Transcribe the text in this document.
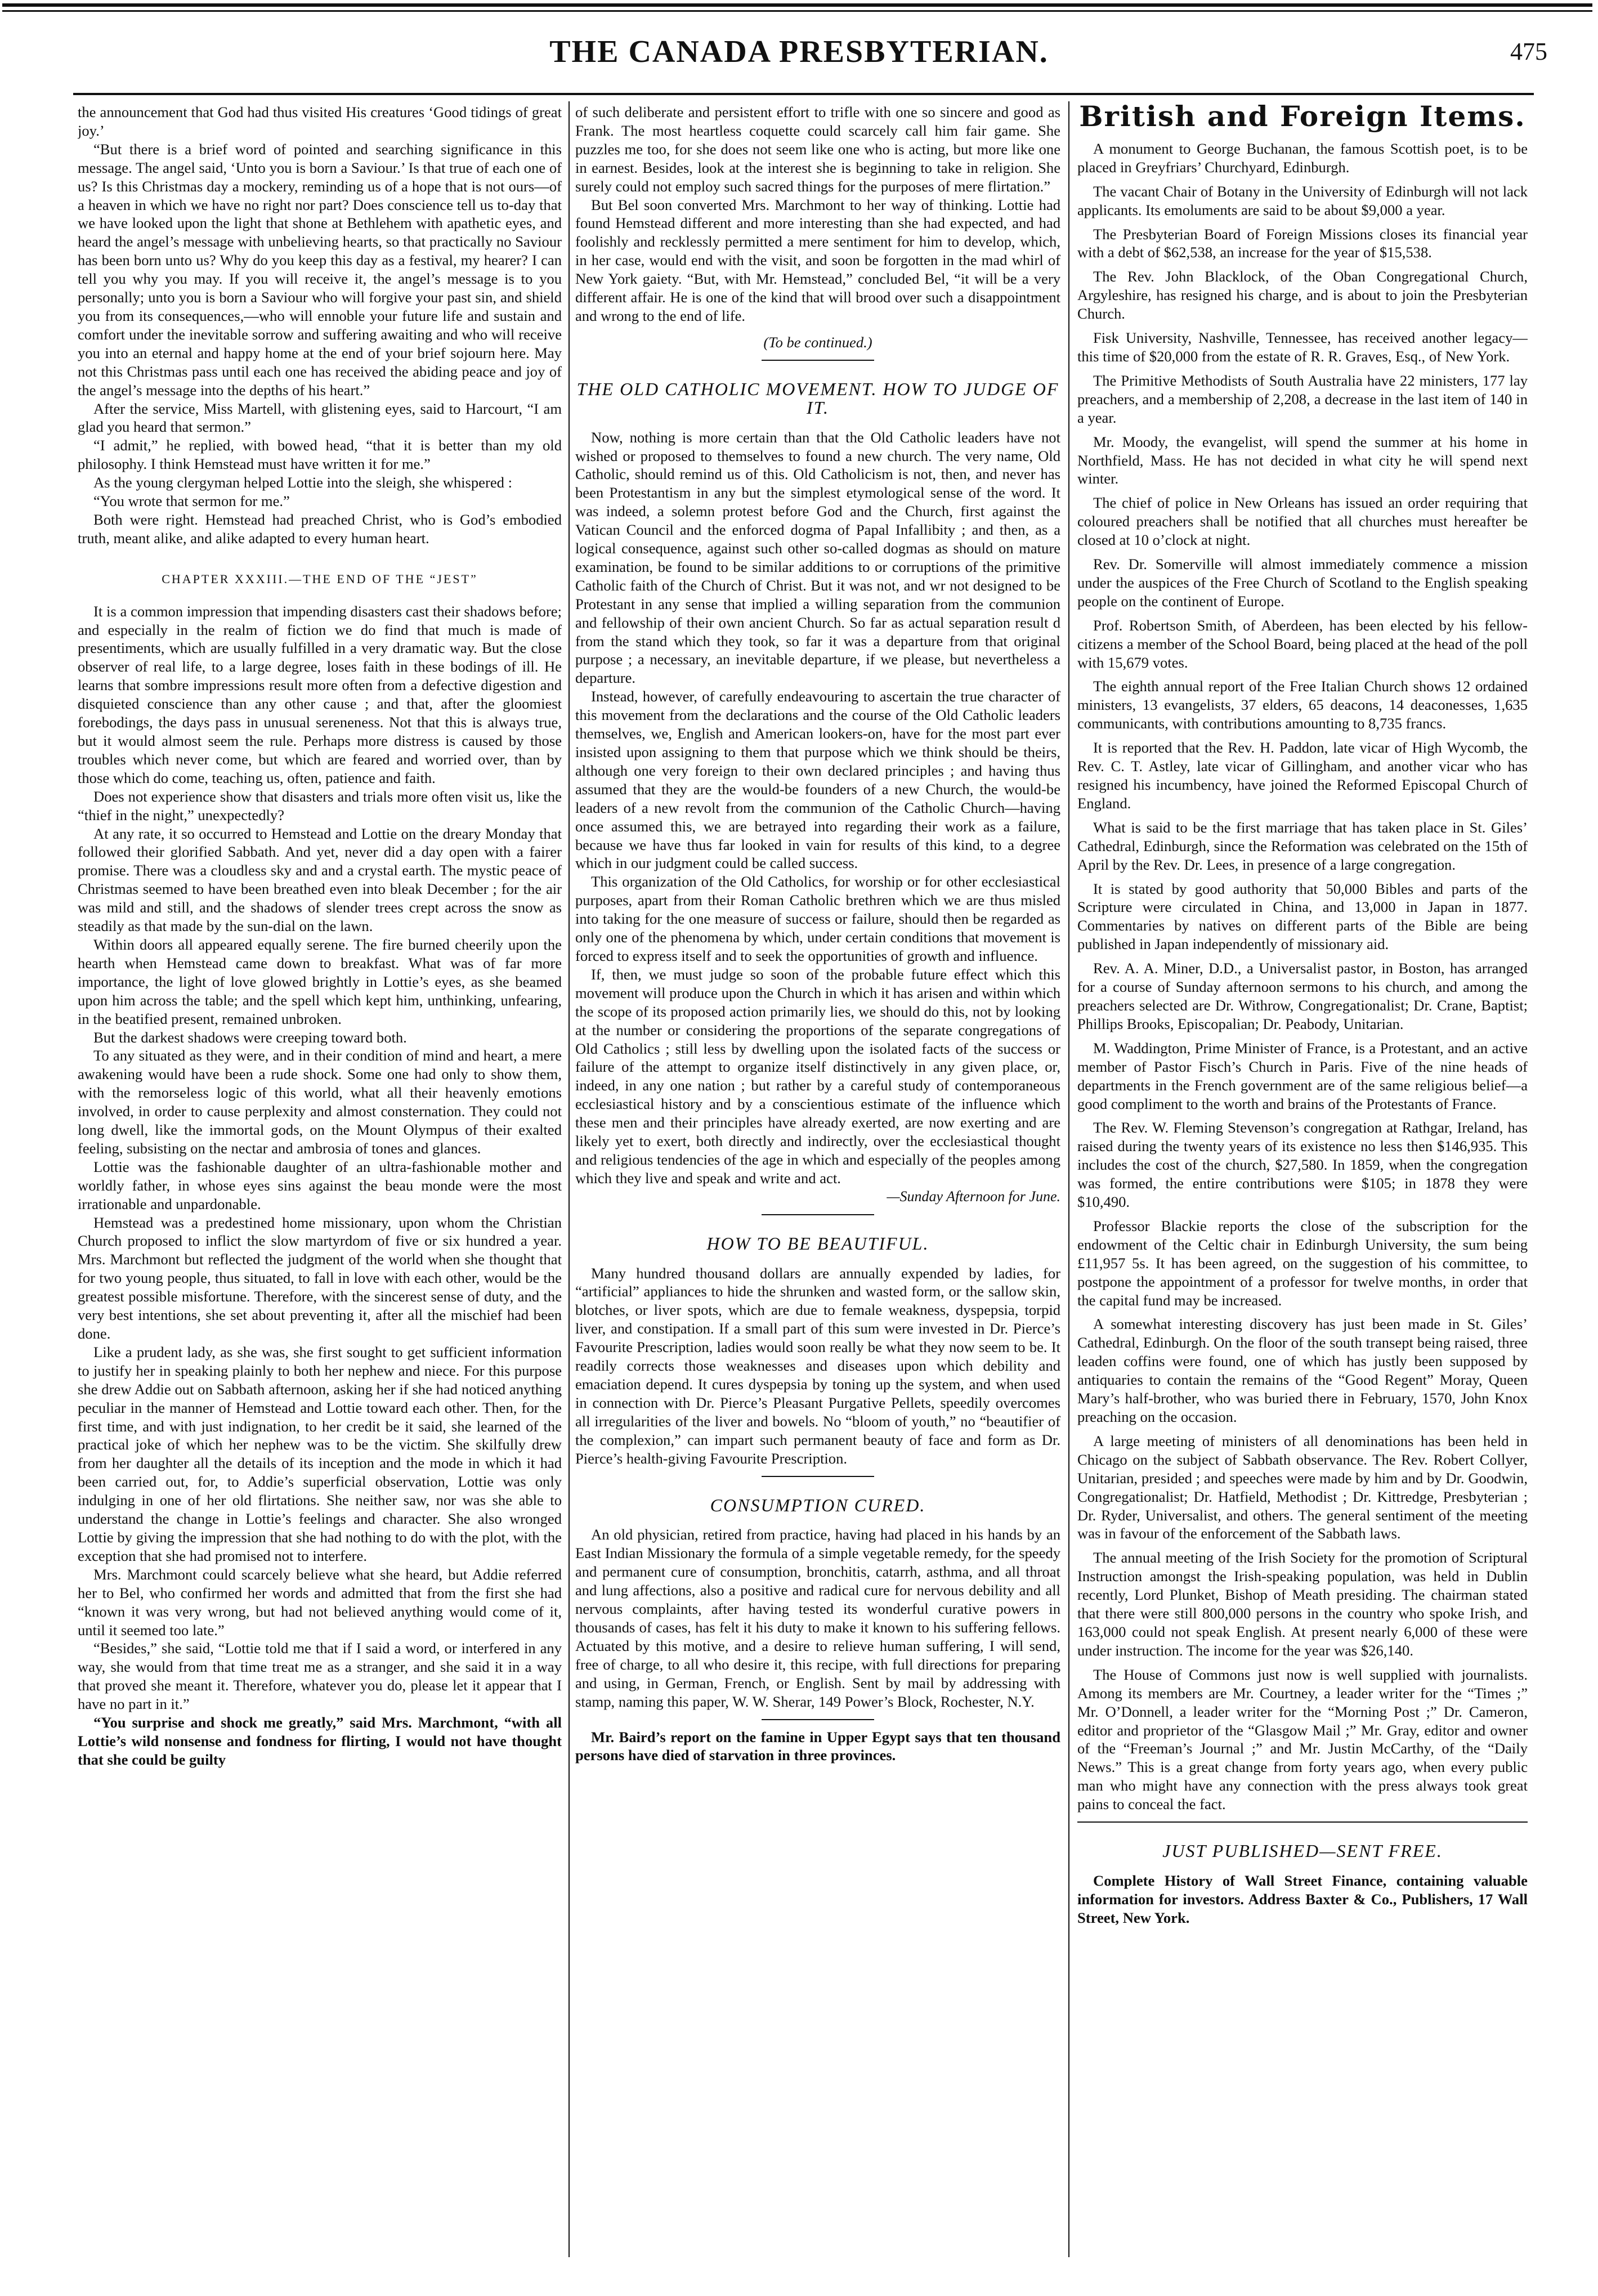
THE CANADA PRESBYTERIAN.	475

the announcement that God had thus visited His creatures ‘Good tidings of great joy.’

“But there is a brief word of pointed and searching significance in this message. The angel said, ‘Unto you is born a Saviour.’ Is that true of each one of us? Is this Christmas day a mockery, reminding us of a hope that is not ours—of a heaven in which we have no right nor part? Does conscience tell us to-day that we have looked upon the light that shone at Bethlehem with apathetic eyes, and heard the angel’s message with unbelieving hearts, so that practically no Saviour has been born unto us? Why do you keep this day as a festival, my hearer? I can tell you why you may. If you will receive it, the angel’s message is to you personally; unto you is born a Saviour who will forgive your past sin, and shield you from its consequences,—who will ennoble your future life and sustain and comfort under the inevitable sorrow and suffering awaiting and who will receive you into an eternal and happy home at the end of your brief sojourn here. May not this Christmas pass until each one has received the abiding peace and joy of the angel’s message into the depths of his heart.”

After the service, Miss Martell, with glistening eyes, said to Harcourt, “I am glad you heard that sermon.”

“I admit,” he replied, with bowed head, “that it is better than my old philosophy. I think Hemstead must have written it for me.”

As the young clergyman helped Lottie into the sleigh, she whispered :

“You wrote that sermon for me.”

Both were right. Hemstead had preached Christ, who is God’s embodied truth, meant alike, and alike adapted to every human heart.

CHAPTER XXXIII.—THE END OF THE “JEST”

It is a common impression that impending disasters cast their shadows before; and especially in the realm of fiction we do find that much is made of presentiments, which are usually fulfilled in a very dramatic way. But the close observer of real life, to a large degree, loses faith in these bodings of ill. He learns that sombre impressions result more often from a defective digestion and disquieted conscience than any other cause ; and that, after the gloomiest forebodings, the days pass in unusual sereneness. Not that this is always true, but it would almost seem the rule. Perhaps more distress is caused by those troubles which never come, but which are feared and worried over, than by those which do come, teaching us, often, patience and faith.

Does not experience show that disasters and trials more often visit us, like the “thief in the night,” unexpectedly?

At any rate, it so occurred to Hemstead and Lottie on the dreary Monday that followed their glorified Sabbath. And yet, never did a day open with a fairer promise. There was a cloudless sky and and a crystal earth. The mystic peace of Christmas seemed to have been breathed even into bleak December ; for the air was mild and still, and the shadows of slender trees crept across the snow as steadily as that made by the sun-dial on the lawn.

Within doors all appeared equally serene. The fire burned cheerily upon the hearth when Hemstead came down to breakfast. What was of far more importance, the light of love glowed brightly in Lottie’s eyes, as she beamed upon him across the table; and the spell which kept him, unthinking, unfearing, in the beatified present, remained unbroken.

But the darkest shadows were creeping toward both.

To any situated as they were, and in their condition of mind and heart, a mere awakening would have been a rude shock. Some one had only to show them, with the remorseless logic of this world, what all their heavenly emotions involved, in order to cause perplexity and almost consternation. They could not long dwell, like the immortal gods, on the Mount Olympus of their exalted feeling, subsisting on the nectar and ambrosia of tones and glances.

Lottie was the fashionable daughter of an ultra-fashionable mother and worldly father, in whose eyes sins against the beau monde were the most irrationable and unpardonable.

Hemstead was a predestined home missionary, upon whom the Christian Church proposed to inflict the slow martyrdom of five or six hundred a year. Mrs. Marchmont but reflected the judgment of the world when she thought that for two young people, thus situated, to fall in love with each other, would be the greatest possible misfortune. Therefore, with the sincerest sense of duty, and the very best intentions, she set about preventing it, after all the mischief had been done.

Like a prudent lady, as she was, she first sought to get sufficient information to justify her in speaking plainly to both her nephew and niece. For this purpose she drew Addie out on Sabbath afternoon, asking her if she had noticed anything peculiar in the manner of Hemstead and Lottie toward each other. Then, for the first time, and with just indignation, to her credit be it said, she learned of the practical joke of which her nephew was to be the victim. She skilfully drew from her daughter all the details of its inception and the mode in which it had been carried out, for, to Addie’s superficial observation, Lottie was only indulging in one of her old flirtations. She neither saw, nor was she able to understand the change in Lottie’s feelings and character. She also wronged Lottie by giving the impression that she had nothing to do with the plot, with the exception that she had promised not to interfere.

Mrs. Marchmont could scarcely believe what she heard, but Addie referred her to Bel, who confirmed her words and admitted that from the first she had “known it was very wrong, but had not believed anything would come of it, until it seemed too late.”

“Besides,” she said, “Lottie told me that if I said a word, or interfered in any way, she would from that time treat me as a stranger, and she said it in a way that proved she meant it. Therefore, whatever you do, please let it appear that I have no part in it.”

“You surprise and shock me greatly,” said Mrs. Marchmont, “with all Lottie’s wild nonsense and fondness for flirting, I would not have thought that she could be guilty

of such deliberate and persistent effort to trifle with one so sincere and good as Frank. The most heartless coquette could scarcely call him fair game. She puzzles me too, for she does not seem like one who is acting, but more like one in earnest. Besides, look at the interest she is beginning to take in religion. She surely could not employ such sacred things for the purposes of mere flirtation.”

But Bel soon converted Mrs. Marchmont to her way of thinking. Lottie had found Hemstead different and more interesting than she had expected, and had foolishly and recklessly permitted a mere sentiment for him to develop, which, in her case, would end with the visit, and soon be forgotten in the mad whirl of New York gaiety. “But, with Mr. Hemstead,” concluded Bel, “it will be a very different affair. He is one of the kind that will brood over such a disappointment and wrong to the end of life.

(To be continued.)
THE OLD CATHOLIC MOVEMENT. HOW TO JUDGE OF IT.

Now, nothing is more certain than that the Old Catholic leaders have not wished or proposed to themselves to found a new church. The very name, Old Catholic, should remind us of this. Old Catholicism is not, then, and never has been Protestantism in any but the simplest etymological sense of the word. It was indeed, a solemn protest before God and the Church, first against the Vatican Council and the enforced dogma of Papal Infallibity ; and then, as a logical consequence, against such other so-called dogmas as should on mature examination, be found to be similar additions to or corruptions of the primitive Catholic faith of the Church of Christ. But it was not, and wr not designed to be Protestant in any sense that implied a willing separation from the communion and fellowship of their own ancient Church. So far as actual separation result d from the stand which they took, so far it was a departure from that original purpose ; a necessary, an inevitable departure, if we please, but nevertheless a departure.

Instead, however, of carefully endeavouring to ascertain the true character of this movement from the declarations and the course of the Old Catholic leaders themselves, we, English and American lookers-on, have for the most part ever insisted upon assigning to them that purpose which we think should be theirs, although one very foreign to their own declared principles ; and having thus assumed that they are the would-be founders of a new Church, the would-be leaders of a new revolt from the communion of the Catholic Church—having once assumed this, we are betrayed into regarding their work as a failure, because we have thus far looked in vain for results of this kind, to a degree which in our judgment could be called success.

This organization of the Old Catholics, for worship or for other ecclesiastical purposes, apart from their Roman Catholic brethren which we are thus misled into taking for the one measure of success or failure, should then be regarded as only one of the phenomena by which, under certain conditions that movement is forced to express itself and to seek the opportunities of growth and influence.

If, then, we must judge so soon of the probable future effect which this movement will produce upon the Church in which it has arisen and within which the scope of its proposed action primarily lies, we should do this, not by looking at the number or considering the proportions of the separate congregations of Old Catholics ; still less by dwelling upon the isolated facts of the success or failure of the attempt to organize itself distinctively in any given place, or, indeed, in any one nation ; but rather by a careful study of contemporaneous ecclesiastical history and by a conscientious estimate of the influence which these men and their principles have already exerted, are now exerting and are likely yet to exert, both directly and indirectly, over the ecclesiastical thought and religious tendencies of the age in which and especially of the peoples among which they live and speak and write and act.

—Sunday Afternoon for June.
HOW TO BE BEAUTIFUL.

Many hundred thousand dollars are annually expended by ladies, for “artificial” appliances to hide the shrunken and wasted form, or the sallow skin, blotches, or liver spots, which are due to female weakness, dyspepsia, torpid liver, and constipation. If a small part of this sum were invested in Dr. Pierce’s Favourite Prescription, ladies would soon really be what they now seem to be. It readily corrects those weaknesses and diseases upon which debility and emaciation depend. It cures dyspepsia by toning up the system, and when used in connection with Dr. Pierce’s Pleasant Purgative Pellets, speedily overcomes all irregularities of the liver and bowels. No “bloom of youth,” no “beautifier of the complexion,” can impart such permanent beauty of face and form as Dr. Pierce’s health-giving Favourite Prescription.

CONSUMPTION CURED.

An old physician, retired from practice, having had placed in his hands by an East Indian Missionary the formula of a simple vegetable remedy, for the speedy and permanent cure of consumption, bronchitis, catarrh, asthma, and all throat and lung affections, also a positive and radical cure for nervous debility and all nervous complaints, after having tested its wonderful curative powers in thousands of cases, has felt it his duty to make it known to his suffering fellows. Actuated by this motive, and a desire to relieve human suffering, I will send, free of charge, to all who desire it, this recipe, with full directions for preparing and using, in German, French, or English. Sent by mail by addressing with stamp, naming this paper, W. W. Sherar, 149 Power’s Block, Rochester, N.Y.

Mr. Baird’s report on the famine in Upper Egypt says that ten thousand persons have died of starvation in three provinces.

British and Foreign Items.

A monument to George Buchanan, the famous Scottish poet, is to be placed in Greyfriars’ Churchyard, Edinburgh.

The vacant Chair of Botany in the University of Edinburgh will not lack applicants. Its emoluments are said to be about $9,000 a year.

The Presbyterian Board of Foreign Missions closes its financial year with a debt of $62,538, an increase for the year of $15,538.

The Rev. John Blacklock, of the Oban Congregational Church, Argyleshire, has resigned his charge, and is about to join the Presbyterian Church.

Fisk University, Nashville, Tennessee, has received another legacy—this time of $20,000 from the estate of R. R. Graves, Esq., of New York.

The Primitive Methodists of South Australia have 22 ministers, 177 lay preachers, and a membership of 2,208, a decrease in the last item of 140 in a year.

Mr. Moody, the evangelist, will spend the summer at his home in Northfield, Mass. He has not decided in what city he will spend next winter.

The chief of police in New Orleans has issued an order requiring that coloured preachers shall be notified that all churches must hereafter be closed at 10 o’clock at night.

Rev. Dr. Somerville will almost immediately commence a mission under the auspices of the Free Church of Scotland to the English speaking people on the continent of Europe.

Prof. Robertson Smith, of Aberdeen, has been elected by his fellow-citizens a member of the School Board, being placed at the head of the poll with 15,679 votes.

The eighth annual report of the Free Italian Church shows 12 ordained ministers, 13 evangelists, 37 elders, 65 deacons, 14 deaconesses, 1,635 communicants, with contributions amounting to 8,735 francs.

It is reported that the Rev. H. Paddon, late vicar of High Wycomb, the Rev. C. T. Astley, late vicar of Gillingham, and another vicar who has resigned his incumbency, have joined the Reformed Episcopal Church of England.

What is said to be the first marriage that has taken place in St. Giles’ Cathedral, Edinburgh, since the Reformation was celebrated on the 15th of April by the Rev. Dr. Lees, in presence of a large congregation.

It is stated by good authority that 50,000 Bibles and parts of the Scripture were circulated in China, and 13,000 in Japan in 1877. Commentaries by natives on different parts of the Bible are being published in Japan independently of missionary aid.

Rev. A. A. Miner, D.D., a Universalist pastor, in Boston, has arranged for a course of Sunday afternoon sermons to his church, and among the preachers selected are Dr. Withrow, Congregationalist; Dr. Crane, Baptist; Phillips Brooks, Episcopalian; Dr. Peabody, Unitarian.

M. Waddington, Prime Minister of France, is a Protestant, and an active member of Pastor Fisch’s Church in Paris. Five of the nine heads of departments in the French government are of the same religious belief—a good compliment to the worth and brains of the Protestants of France.

The Rev. W. Fleming Stevenson’s congregation at Rathgar, Ireland, has raised during the twenty years of its existence no less then $146,935. This includes the cost of the church, $27,580. In 1859, when the congregation was formed, the entire contributions were $105; in 1878 they were $10,490.

Professor Blackie reports the close of the subscription for the endowment of the Celtic chair in Edinburgh University, the sum being £11,957 5s. It has been agreed, on the suggestion of his committee, to postpone the appointment of a professor for twelve months, in order that the capital fund may be increased.

A somewhat interesting discovery has just been made in St. Giles’ Cathedral, Edinburgh. On the floor of the south transept being raised, three leaden coffins were found, one of which has justly been supposed by antiquaries to contain the remains of the “Good Regent” Moray, Queen Mary’s half-brother, who was buried there in February, 1570, John Knox preaching on the occasion.

A large meeting of ministers of all denominations has been held in Chicago on the subject of Sabbath observance. The Rev. Robert Collyer, Unitarian, presided ; and speeches were made by him and by Dr. Goodwin, Congregationalist; Dr. Hatfield, Methodist ; Dr. Kittredge, Presbyterian ; Dr. Ryder, Universalist, and others. The general sentiment of the meeting was in favour of the enforcement of the Sabbath laws.

The annual meeting of the Irish Society for the promotion of Scriptural Instruction amongst the Irish-speaking population, was held in Dublin recently, Lord Plunket, Bishop of Meath presiding. The chairman stated that there were still 800,000 persons in the country who spoke Irish, and 163,000 could not speak English. At present nearly 6,000 of these were under instruction. The income for the year was $26,140.

The House of Commons just now is well supplied with journalists. Among its members are Mr. Courtney, a leader writer for the “Times ;” Mr. O’Donnell, a leader writer for the “Morning Post ;” Dr. Cameron, editor and proprietor of the “Glasgow Mail ;” Mr. Gray, editor and owner of the “Freeman’s Journal ;” and Mr. Justin McCarthy, of the “Daily News.” This is a great change from forty years ago, when every public man who might have any connection with the press always took great pains to conceal the fact.

JUST PUBLISHED—SENT FREE.

Complete History of Wall Street Finance, containing valuable information for investors. Address Baxter & Co., Publishers, 17 Wall Street, New York.
